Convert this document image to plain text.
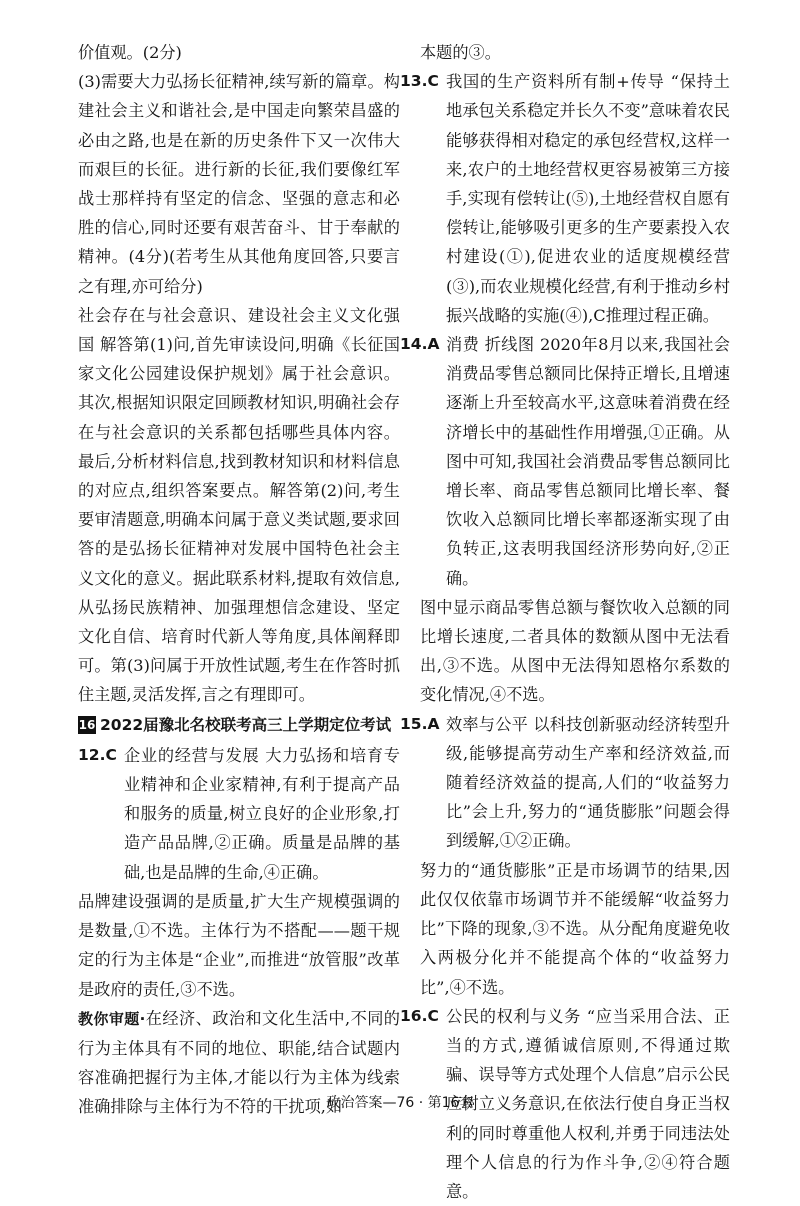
价值观。(2分)

(3)需要大力弘扬长征精神,续写新的篇章。构建社会主义和谐社会,是中国走向繁荣昌盛的必由之路,也是在新的历史条件下又一次伟大而艰巨的长征。进行新的长征,我们要像红军战士那样持有坚定的信念、坚强的意志和必胜的信心,同时还要有艰苦奋斗、甘于奉献的精神。(4分)(若考生从其他角度回答,只要言之有理,亦可给分)

社会存在与社会意识、建设社会主义文化强国 解答第(1)问,首先审读设问,明确《长征国家文化公园建设保护规划》属于社会意识。其次,根据知识限定回顾教材知识,明确社会存在与社会意识的关系都包括哪些具体内容。最后,分析材料信息,找到教材知识和材料信息的对应点,组织答案要点。解答第(2)问,考生要审清题意,明确本问属于意义类试题,要求回答的是弘扬长征精神对发展中国特色社会主义文化的意义。据此联系材料,提取有效信息,从弘扬民族精神、加强理想信念建设、坚定文化自信、培育时代新人等角度,具体阐释即可。第(3)问属于开放性试题,考生在作答时抓住主题,灵活发挥,言之有理即可。

16 2022届豫北名校联考高三上学期定位考试
12.C 企业的经营与发展 大力弘扬和培育专业精神和企业家精神,有利于提高产品和服务的质量,树立良好的企业形象,打造产品品牌,②正确。质量是品牌的基础,也是品牌的生命,④正确。

品牌建设强调的是质量,扩大生产规模强调的是数量,①不选。主体行为不搭配——题干规定的行为主体是“企业”,而推进“放管服”改革是政府的责任,③不选。

教你审题·在经济、政治和文化生活中,不同的行为主体具有不同的地位、职能,结合试题内容准确把握行为主体,才能以行为主体为线索准确排除与主体行为不符的干扰项,如

本题的③。

13.C 我国的生产资料所有制+传导 “保持土地承包关系稳定并长久不变”意味着农民能够获得相对稳定的承包经营权,这样一来,农户的土地经营权更容易被第三方接手,实现有偿转让(⑤),土地经营权自愿有偿转让,能够吸引更多的生产要素投入农村建设(①),促进农业的适度规模经营(③),而农业规模化经营,有利于推动乡村振兴战略的实施(④),C推理过程正确。
14.A 消费 折线图 2020年8月以来,我国社会消费品零售总额同比保持正增长,且增速逐渐上升至较高水平,这意味着消费在经济增长中的基础性作用增强,①正确。从图中可知,我国社会消费品零售总额同比增长率、商品零售总额同比增长率、餐饮收入总额同比增长率都逐渐实现了由负转正,这表明我国经济形势向好,②正确。

图中显示商品零售总额与餐饮收入总额的同比增长速度,二者具体的数额从图中无法看出,③不选。从图中无法得知恩格尔系数的变化情况,④不选。

15.A 效率与公平 以科技创新驱动经济转型升级,能够提高劳动生产率和经济效益,而随着经济效益的提高,人们的“收益努力比”会上升,努力的“通货膨胀”问题会得到缓解,①②正确。

努力的“通货膨胀”正是市场调节的结果,因此仅仅依靠市场调节并不能缓解“收益努力比”下降的现象,③不选。从分配角度避免收入两极分化并不能提高个体的“收益努力比”,④不选。

16.C 公民的权利与义务 “应当采用合法、正当的方式,遵循诚信原则,不得通过欺骗、误导等方式处理个人信息”启示公民应树立义务意识,在依法行使自身正当权利的同时尊重他人权利,并勇于同违法处理个人信息的行为作斗争,②④符合题意。
政治答案—76 · 第16套
